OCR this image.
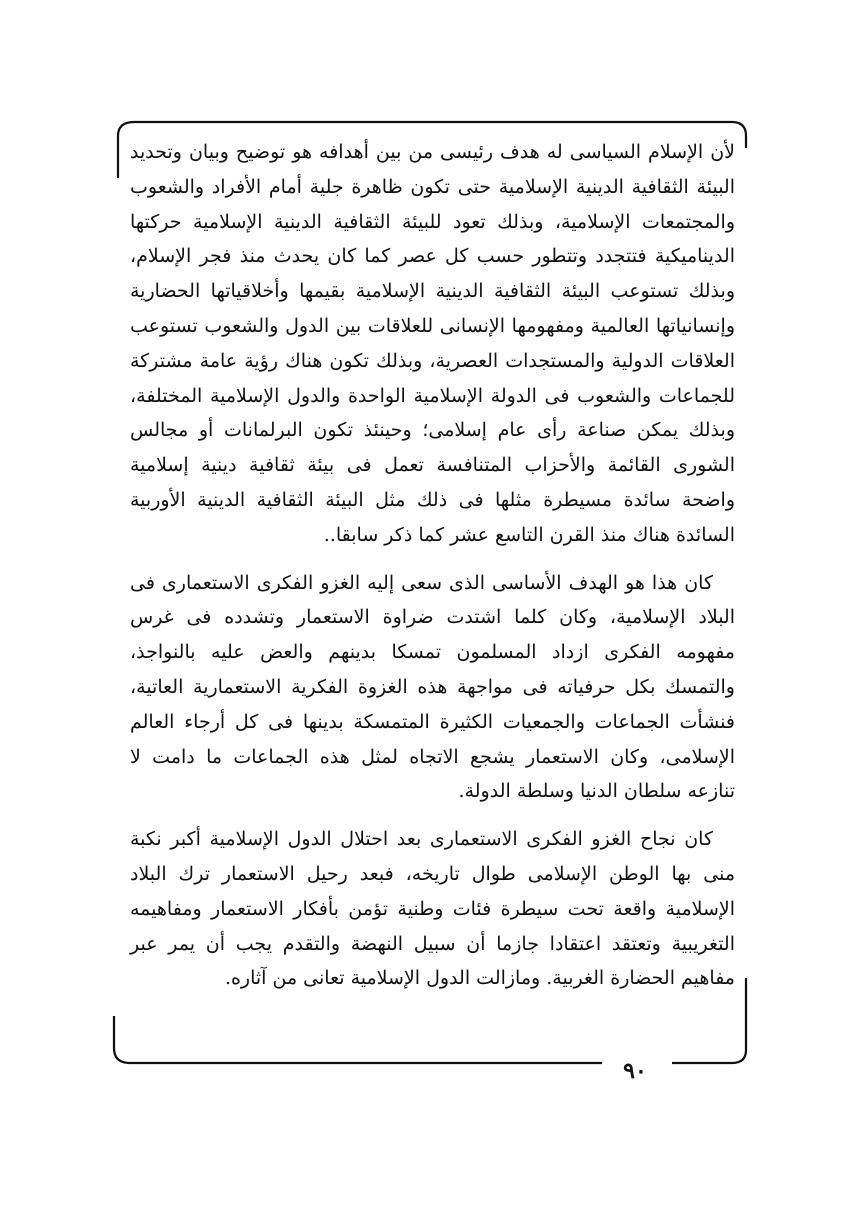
لأن الإسلام السياسى له هدف رئيسى من بين أهدافه هو توضيح وبيان وتحديد البيئة الثقافية الدينية الإسلامية حتى تكون ظاهرة جلية أمام الأفراد والشعوب والمجتمعات الإسلامية، وبذلك تعود للبيئة الثقافية الدينية الإسلامية حركتها الديناميكية فتتجدد وتتطور حسب كل عصر كما كان يحدث منذ فجر الإسلام، وبذلك تستوعب البيئة الثقافية الدينية الإسلامية بقيمها وأخلاقياتها الحضارية وإنسانياتها العالمية ومفهومها الإنسانى للعلاقات بين الدول والشعوب تستوعب العلاقات الدولية والمستجدات العصرية، وبذلك تكون هناك رؤية عامة مشتركة للجماعات والشعوب فى الدولة الإسلامية الواحدة والدول الإسلامية المختلفة، وبذلك يمكن صناعة رأى عام إسلامى؛ وحينئذ تكون البرلمانات أو مجالس الشورى القائمة والأحزاب المتنافسة تعمل فى بيئة ثقافية دينية إسلامية واضحة سائدة مسيطرة مثلها فى ذلك مثل البيئة الثقافية الدينية الأوربية السائدة هناك منذ القرن التاسع عشر كما ذكر سابقا..

كان هذا هو الهدف الأساسى الذى سعى إليه الغزو الفكرى الاستعمارى فى البلاد الإسلامية، وكان كلما اشتدت ضراوة الاستعمار وتشدده فى غرس مفهومه الفكرى ازداد المسلمون تمسكا بدينهم والعض عليه بالنواجذ، والتمسك بكل حرفياته فى مواجهة هذه الغزوة الفكرية الاستعمارية العاتية، فنشأت الجماعات والجمعيات الكثيرة المتمسكة بدينها فى كل أرجاء العالم الإسلامى، وكان الاستعمار يشجع الاتجاه لمثل هذه الجماعات ما دامت لا تنازعه سلطان الدنيا وسلطة الدولة.

كان نجاح الغزو الفكرى الاستعمارى بعد احتلال الدول الإسلامية أكبر نكبة منى بها الوطن الإسلامى طوال تاريخه، فبعد رحيل الاستعمار ترك البلاد الإسلامية واقعة تحت سيطرة فئات وطنية تؤمن بأفكار الاستعمار ومفاهيمه التغريبية وتعتقد اعتقادا جازما أن سبيل النهضة والتقدم يجب أن يمر عبر مفاهيم الحضارة الغربية. ومازالت الدول الإسلامية تعانى من آثاره.

٩٠
